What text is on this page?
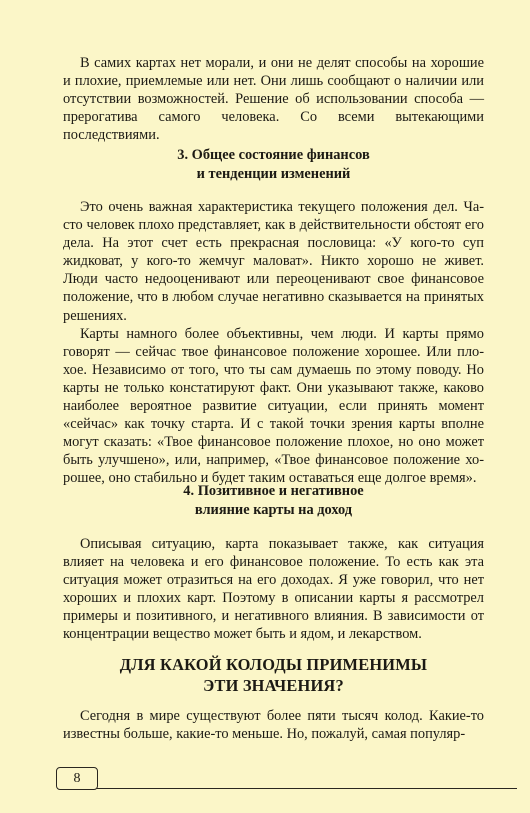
В самих картах нет морали, и они не делят способы на хорошие и плохие, приемлемые или нет. Они лишь сообщают о наличии или отсутствии возможностей. Решение об использовании способа — прерогатива самого человека. Со всеми вытекающими последствиями.

3. Общее состояние финансов
и тенденции изменений

Это очень важная характеристика текущего положения дел. Часто человек плохо представляет, как в действительности обстоят его дела. На этот счет есть прекрасная пословица: «У кого-то суп жидковат, у кого-то жемчуг маловат». Никто хорошо не живет. Люди часто недооценивают или переоценивают свое финансовое положение, что в любом случае негативно сказывается на принятых решениях.

Карты намного более объективны, чем люди. И карты прямо говорят — сейчас твое финансовое положение хорошее. Или плохое. Независимо от того, что ты сам думаешь по этому поводу. Но карты не только констатируют факт. Они указывают также, каково наиболее вероятное развитие ситуации, если принять момент «сейчас» как точку старта. И с такой точки зрения карты вполне могут сказать: «Твое финансовое положение плохое, но оно может быть улучшено», или, например, «Твое финансовое положение хорошее, оно стабильно и будет таким оставаться еще долгое время».

4. Позитивное и негативное
влияние карты на доход

Описывая ситуацию, карта показывает также, как ситуация влияет на человека и его финансовое положение. То есть как эта ситуация может отразиться на его доходах. Я уже говорил, что нет хороших и плохих карт. Поэтому в описании карты я рассмотрел примеры и позитивного, и негативного влияния. В зависимости от концентрации вещество может быть и ядом, и лекарством.

ДЛЯ КАКОЙ КОЛОДЫ ПРИМЕНИМЫ
ЭТИ ЗНАЧЕНИЯ?

Сегодня в мире существуют более пяти тысяч колод. Какие-то известны больше, какие-то меньше. Но, пожалуй, самая популяр-

8
